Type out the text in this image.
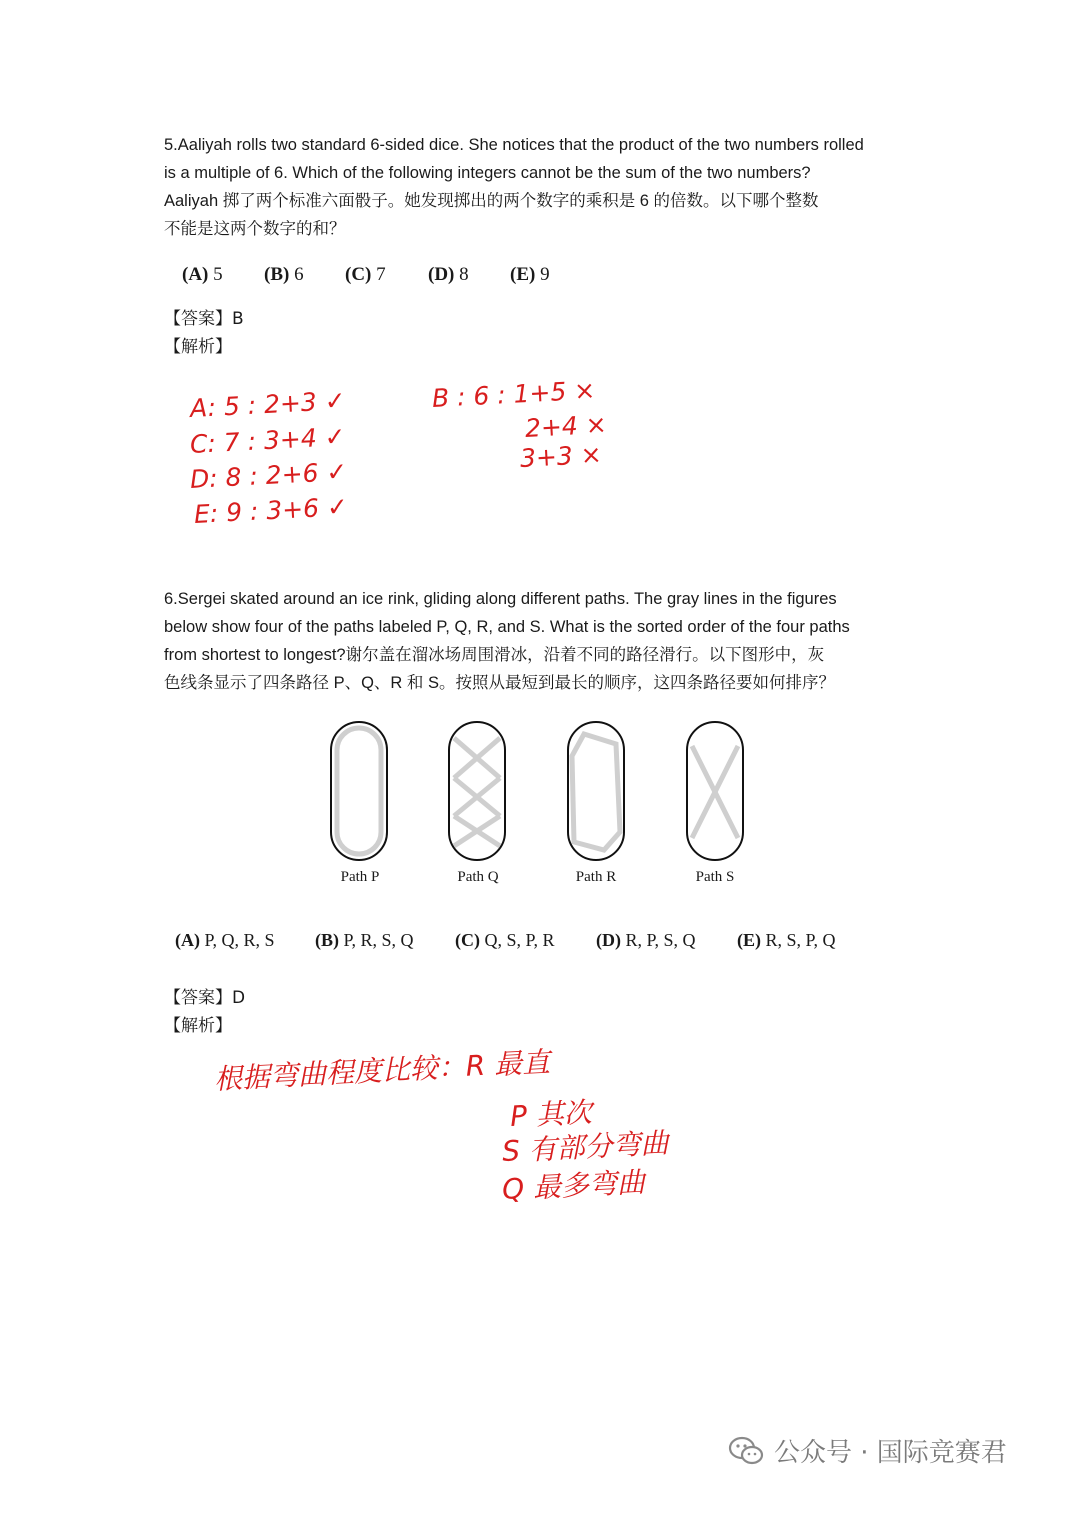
5.Aaliyah rolls two standard 6-sided dice. She notices that the product of the two numbers rolled
is a multiple of 6. Which of the following integers cannot be the sum of the two numbers?
Aaliyah 掷了两个标准六面骰子。她发现掷出的两个数字的乘积是 6 的倍数。以下哪个整数
不能是这两个数字的和？
(A) 5 (B) 6 (C) 7 (D) 8 (E) 9
【答案】B
【解析】
A: 5 : 2+3 ✓
C: 7 : 3+4 ✓
D: 8 : 2+6 ✓
E: 9 : 3+6 ✓
B : 6 : 1+5 ×
2+4 ×
3+3 ×
6.Sergei skated around an ice rink, gliding along different paths. The gray lines in the figures
below show four of the paths labeled P, Q, R, and S. What is the sorted order of the four paths
from shortest to longest?谢尔盖在溜冰场周围滑冰，沿着不同的路径滑行。以下图形中，灰
色线条显示了四条路径 P、Q、R 和 S。按照从最短到最长的顺序，这四条路径要如何排序？
Path P	Path Q	Path R	Path S
(A) P, Q, R, S (B) P, R, S, Q (C) Q, S, P, R (D) R, P, S, Q (E) R, S, P, Q
【答案】D
【解析】
根据弯曲程度比较：R 最直
P 其次
S 有部分弯曲
Q 最多弯曲
公众号 · 国际竞赛君
